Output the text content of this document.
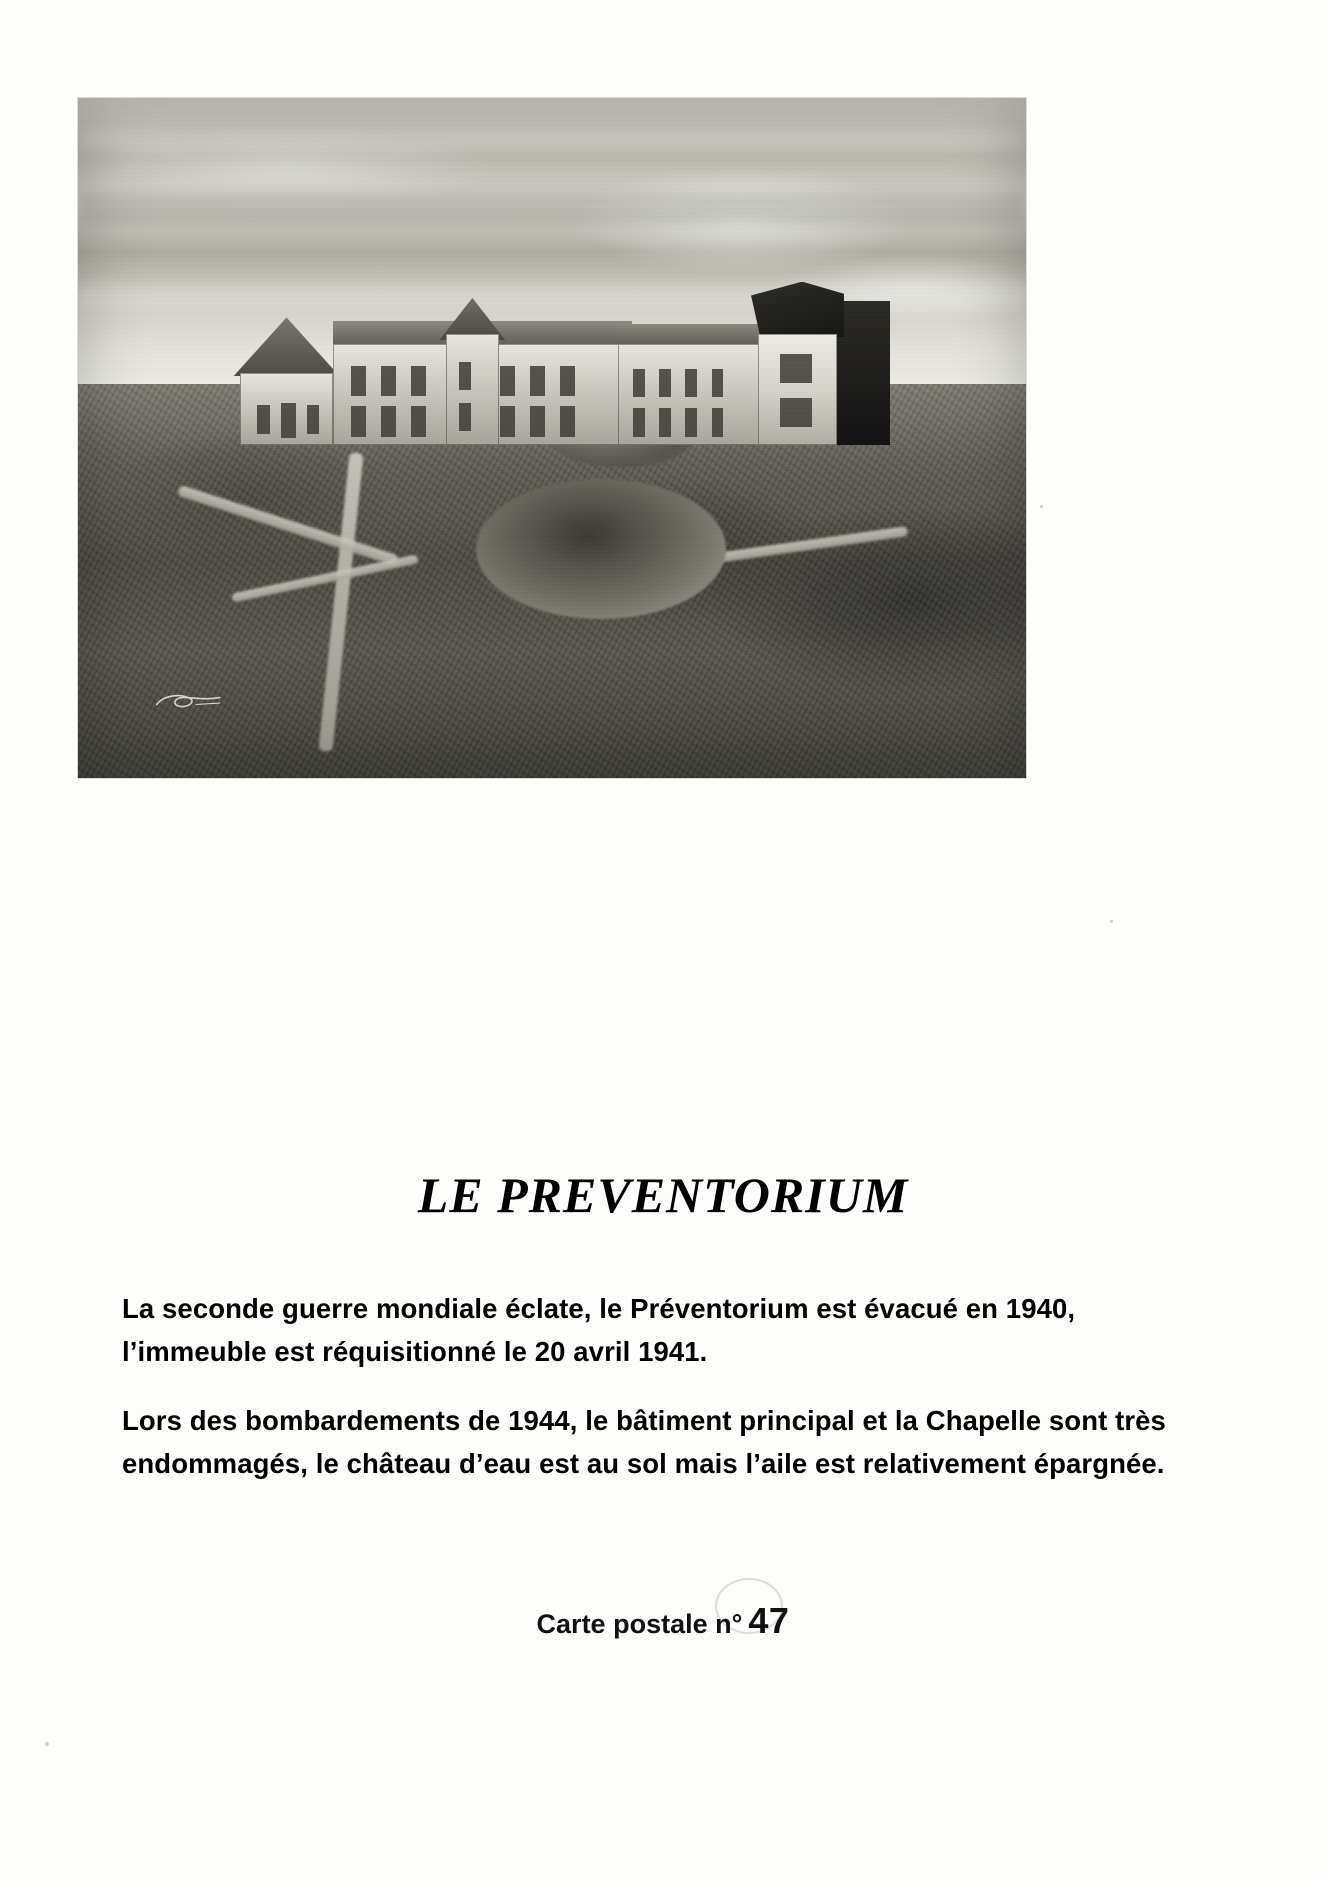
LE PREVENTORIUM

La seconde guerre mondiale éclate, le Préventorium est évacué en 1940, l’immeuble est réquisitionné le 20 avril 1941.

Lors des bombardements de 1944, le bâtiment principal et la Chapelle sont très endommagés, le château d’eau est au sol mais l’aile est relativement épargnée.

Carte postale n° 47
